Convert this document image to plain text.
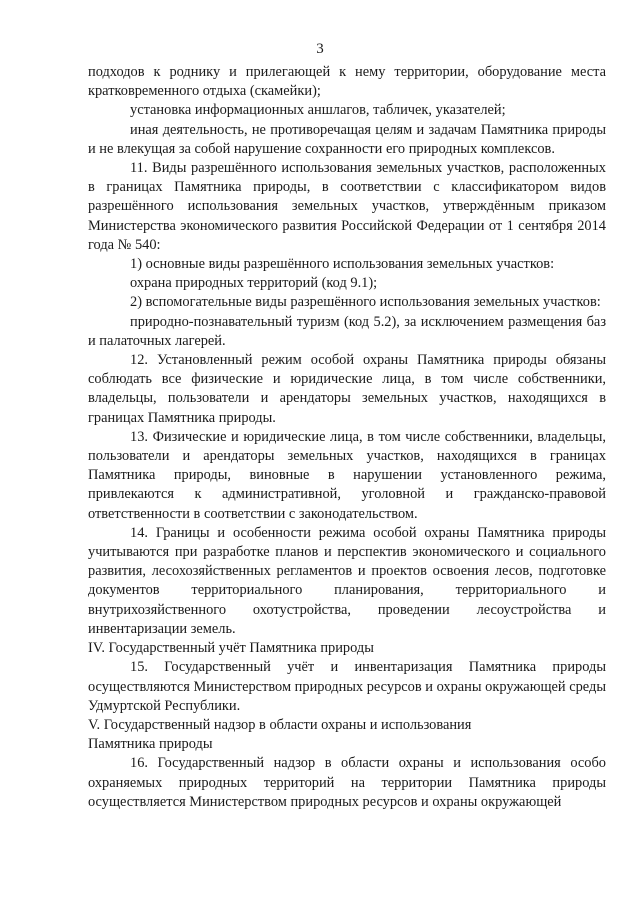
3

подходов к роднику и прилегающей к нему территории, оборудование места кратковременного отдыха (скамейки);

установка информационных аншлагов, табличек, указателей;

иная деятельность, не противоречащая целям и задачам Памятника природы и не влекущая за собой нарушение сохранности его природных комплексов.

11. Виды разрешённого использования земельных участков, расположенных в границах Памятника природы, в соответствии с классификатором видов разрешённого использования земельных участков, утверждённым приказом Министерства экономического развития Российской Федерации от 1 сентября 2014 года № 540:

1) основные виды разрешённого использования земельных участков:

охрана природных территорий (код 9.1);

2) вспомогательные виды разрешённого использования земельных участков:

природно-познавательный туризм (код 5.2), за исключением размещения баз и палаточных лагерей.

12. Установленный режим особой охраны Памятника природы обязаны соблюдать все физические и юридические лица, в том числе собственники, владельцы, пользователи и арендаторы земельных участков, находящихся в границах Памятника природы.

13. Физические и юридические лица, в том числе собственники, владельцы, пользователи и арендаторы земельных участков, находящихся в границах Памятника природы, виновные в нарушении установленного режима, привлекаются к административной, уголовной и гражданско-правовой ответственности в соответствии с законодательством.

14. Границы и особенности режима особой охраны Памятника природы учитываются при разработке планов и перспектив экономического и социального развития, лесохозяйственных регламентов и проектов освоения лесов, подготовке документов территориального планирования, территориального и внутрихозяйственного охотустройства, проведении лесоустройства и инвентаризации земель.

IV. Государственный учёт Памятника природы

15. Государственный учёт и инвентаризация Памятника природы осуществляются Министерством природных ресурсов и охраны окружающей среды Удмуртской Республики.

V. Государственный надзор в области охраны и использования
Памятника природы

16. Государственный надзор в области охраны и использования особо охраняемых природных территорий на территории Памятника природы осуществляется Министерством природных ресурсов и охраны окружающей
